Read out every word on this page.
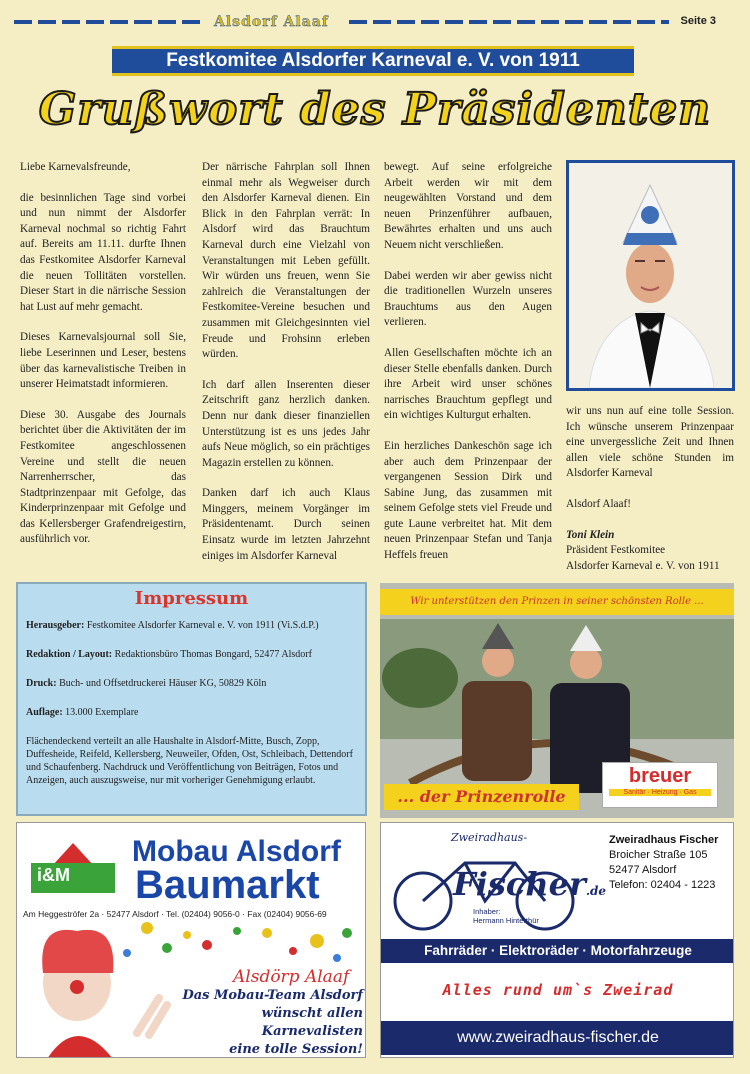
Alsdorf Alaaf	Seite 3
Festkomitee Alsdorfer Karneval e. V. von 1911
Grußwort des Präsidenten

Liebe Karnevalsfreunde,

die besinnlichen Tage sind vorbei und nun nimmt der Alsdorfer Karneval nochmal so richtig Fahrt auf. Bereits am 11.11. durfte Ihnen das Festkomitee Alsdorfer Karneval die neuen Tollitäten vorstellen. Dieser Start in die närrische Session hat Lust auf mehr gemacht.

Dieses Karnevalsjournal soll Sie, liebe Leserinnen und Leser, bestens über das karnevalistische Treiben in unserer Heimatstadt informieren.

Diese 30. Ausgabe des Journals berichtet über die Aktivitäten der im Festkomitee angeschlossenen Vereine und stellt die neuen Narrenherrscher, das Stadtprinzenpaar mit Gefolge, das Kinderprinzenpaar mit Gefolge und das Kellersberger Grafendreigestirn, ausführlich vor.

Der närrische Fahrplan soll Ihnen einmal mehr als Wegweiser durch den Alsdorfer Karneval dienen. Ein Blick in den Fahrplan verrät: In Alsdorf wird das Brauchtum Karneval durch eine Vielzahl von Veranstaltungen mit Leben gefüllt. Wir würden uns freuen, wenn Sie zahlreich die Veranstaltungen der Festkomitee-Vereine besuchen und zusammen mit Gleichgesinnten viel Freude und Frohsinn erleben würden.

Ich darf allen Inserenten dieser Zeitschrift ganz herzlich danken. Denn nur dank dieser finanziellen Unterstützung ist es uns jedes Jahr aufs Neue möglich, so ein prächtiges Magazin erstellen zu können.

Danken darf ich auch Klaus Minggers, meinem Vorgänger im Präsidentenamt. Durch seinen Einsatz wurde im letzten Jahrzehnt einiges im Alsdorfer Karneval

bewegt. Auf seine erfolgreiche Arbeit werden wir mit dem neugewählten Vorstand und dem neuen Prinzenführer aufbauen, Bewährtes erhalten und uns auch Neuem nicht verschließen.

Dabei werden wir aber gewiss nicht die traditionellen Wurzeln unseres Brauchtums aus den Augen verlieren.

Allen Gesellschaften möchte ich an dieser Stelle ebenfalls danken. Durch ihre Arbeit wird unser schönes narrisches Brauchtum gepflegt und ein wichtiges Kulturgut erhalten.

Ein herzliches Dankeschön sage ich aber auch dem Prinzenpaar der vergangenen Session Dirk und Sabine Jung, das zusammen mit seinem Gefolge stets viel Freude und gute Laune verbreitet hat. Mit dem neuen Prinzenpaar Stefan und Tanja Heffels freuen

wir uns nun auf eine tolle Session. Ich wünsche unserem Prinzenpaar eine unvergessliche Zeit und Ihnen allen viele schöne Stunden im Alsdorfer Karneval

Alsdorf Alaaf!

Toni Klein
Präsident Festkomitee
Alsdorfer Karneval e. V. von 1911
Impressum
Herausgeber: Festkomitee Alsdorfer Karneval e. V. von 1911 (Vi.S.d.P.)
Redaktion / Layout: Redaktionsbüro Thomas Bongard, 52477 Alsdorf
Druck: Buch- und Offsetdruckerei Häuser KG, 50829 Köln
Auflage: 13.000 Exemplare
Flächendeckend verteilt an alle Haushalte in Alsdorf-Mitte, Busch, Zopp, Duffesheide, Reifeld, Kellersberg, Neuweiler, Ofden, Ost, Schleibach, Dettendorf und Schaufenberg. Nachdruck und Veröffentlichung von Beiträgen, Fotos und Anzeigen, auch auszugsweise, nur mit vorheriger Genehmigung erlaubt.
Wir unterstützen den Prinzen in seiner schönsten Rolle ...
... der Prinzenrolle
breuer
Sanitär · Heizung · Gas
i&M
Mobau Alsdorf
Baumarkt
Am Heggeströfer 2a · 52477 Alsdorf · Tel. (02404) 9056-0 · Fax (02404) 9056-69
Alsdörp Alaaf
Das Mobau-Team Alsdorf
wünscht allen Karnevalisten
eine tolle Session!
Zweiradhaus-
Fischer.de
Inhaber:
Hermann Hinterthür
Zweiradhaus Fischer
Broicher Straße 105
52477 Alsdorf
Telefon: 02404 - 1223
Fahrräder · Elektroräder · Motorfahrzeuge
Alles rund um`s Zweirad
www.zweiradhaus-fischer.de
